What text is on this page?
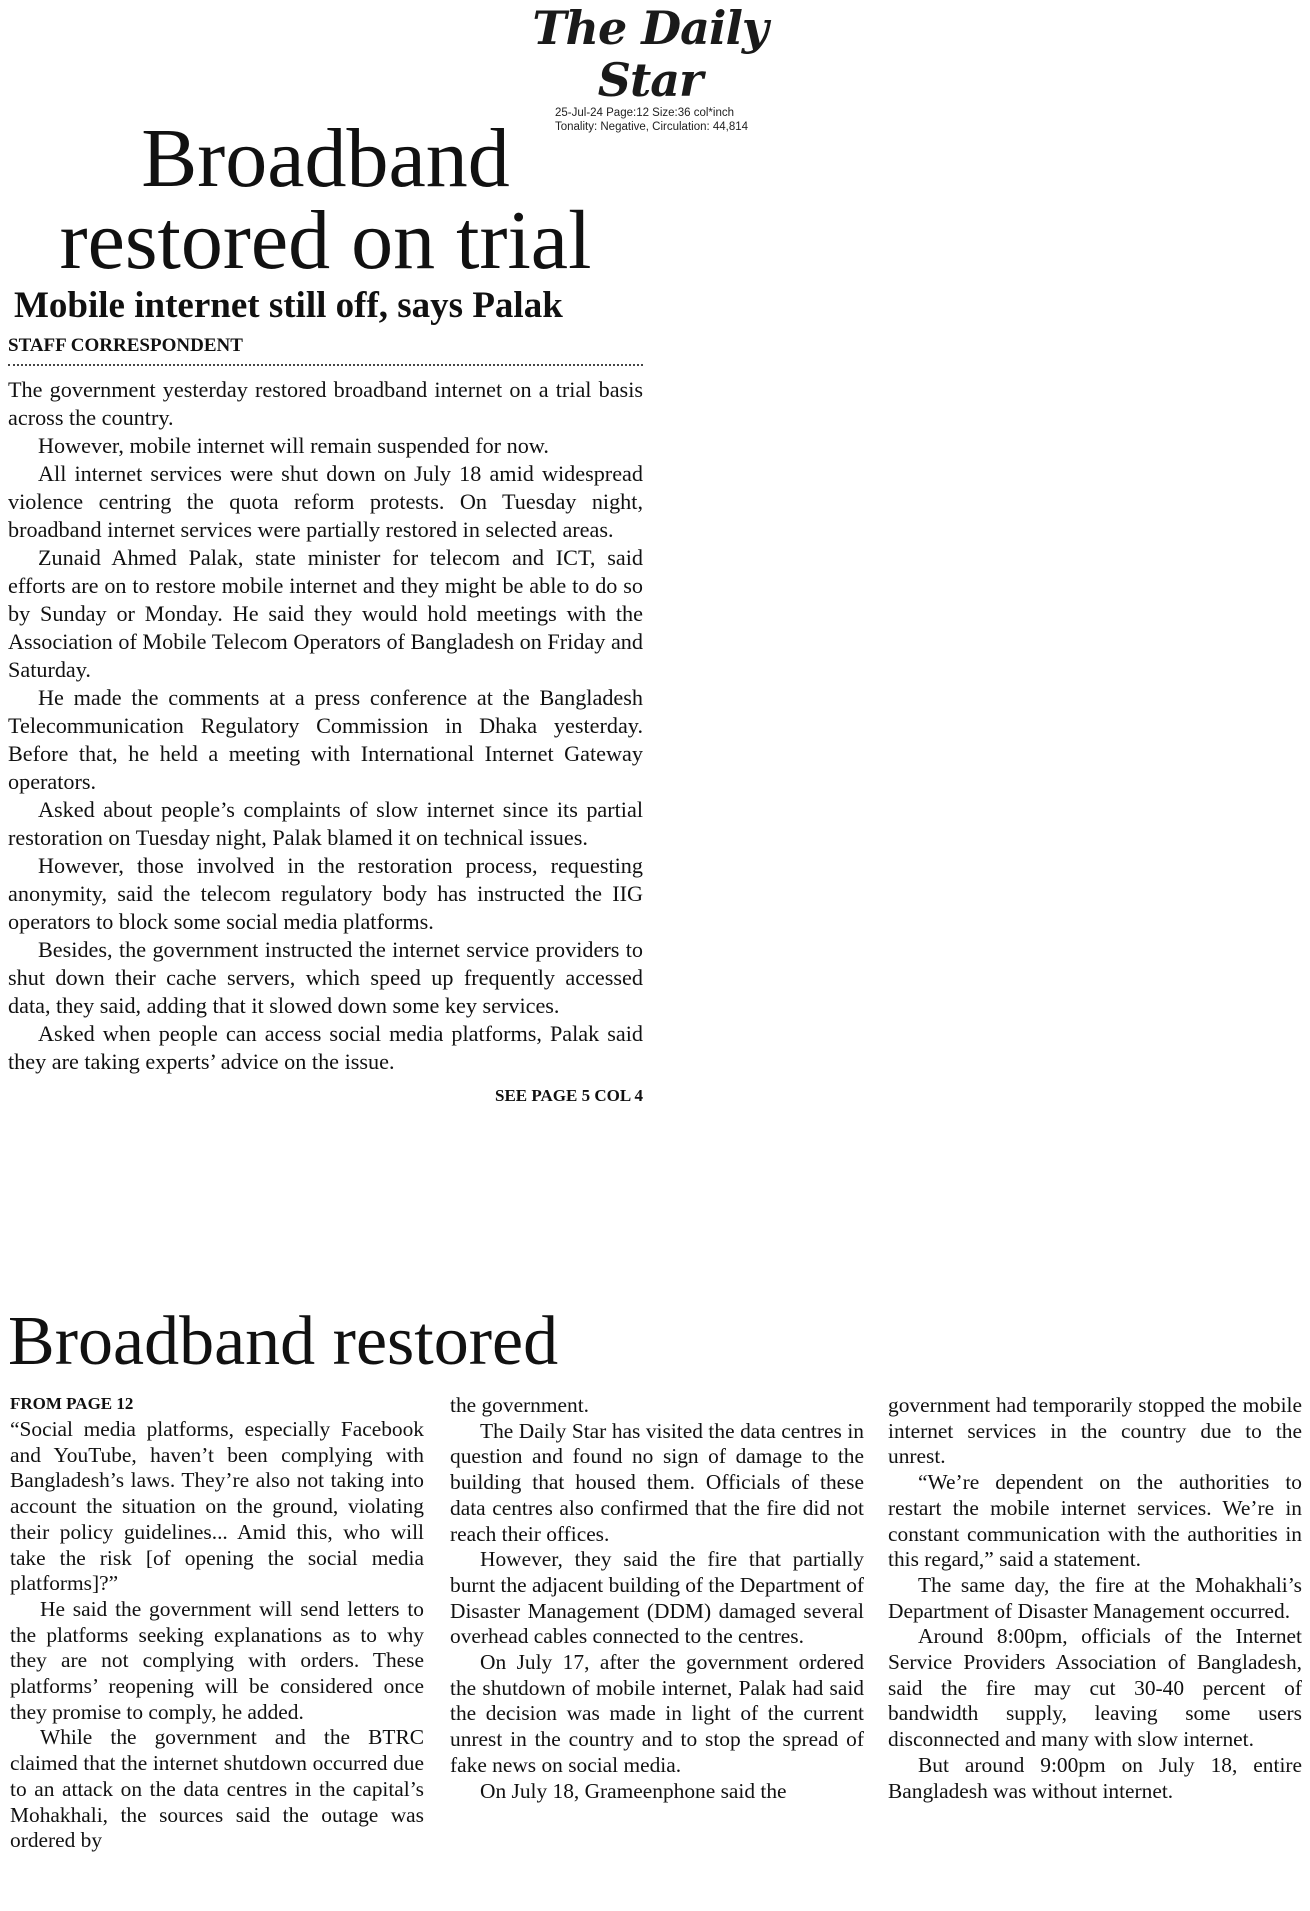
The Daily Star
25-Jul-24 Page:12 Size:36 col*inch
Tonality: Negative, Circulation: 44,814
Broadband
restored on trial
Mobile internet still off, says Palak
STAFF CORRESPONDENT

The government yesterday restored broadband internet on a trial basis across the country.

However, mobile internet will remain suspended for now.

All internet services were shut down on July 18 amid widespread violence centring the quota reform protests. On Tuesday night, broadband internet services were partially restored in selected areas.

Zunaid Ahmed Palak, state minister for telecom and ICT, said efforts are on to restore mobile internet and they might be able to do so by Sunday or Monday. He said they would hold meetings with the Association of Mobile Telecom Operators of Bangladesh on Friday and Saturday.

He made the comments at a press conference at the Bangladesh Telecommunication Regulatory Commission in Dhaka yesterday. Before that, he held a meeting with International Internet Gateway operators.

Asked about people’s complaints of slow internet since its partial restoration on Tuesday night, Palak blamed it on technical issues.

However, those involved in the restoration process, requesting anonymity, said the telecom regulatory body has instructed the IIG operators to block some social media platforms.

Besides, the government instructed the internet service providers to shut down their cache servers, which speed up frequently accessed data, they said, adding that it slowed down some key services.

Asked when people can access social media platforms, Palak said they are taking experts’ advice on the issue.

SEE PAGE 5 COL 4
Broadband restored
FROM PAGE 12

“Social media platforms, especially Facebook and YouTube, haven’t been complying with Bangladesh’s laws. They’re also not taking into account the situation on the ground, violating their policy guidelines... Amid this, who will take the risk [of opening the social media platforms]?”

He said the government will send letters to the platforms seeking explanations as to why they are not complying with orders. These platforms’ reopening will be considered once they promise to comply, he added.

While the government and the BTRC claimed that the internet shutdown occurred due to an attack on the data centres in the capital’s Mohakhali, the sources said the outage was ordered by

the government.

The Daily Star has visited the data centres in question and found no sign of damage to the building that housed them. Officials of these data centres also confirmed that the fire did not reach their offices.

However, they said the fire that partially burnt the adjacent building of the Department of Disaster Management (DDM) damaged several overhead cables connected to the centres.

On July 17, after the government ordered the shutdown of mobile internet, Palak had said the decision was made in light of the current unrest in the country and to stop the spread of fake news on social media.

On July 18, Grameenphone said the

government had temporarily stopped the mobile internet services in the country due to the unrest.

“We’re dependent on the authorities to restart the mobile internet services. We’re in constant communication with the authorities in this regard,” said a statement.

The same day, the fire at the Mohakhali’s Department of Disaster Management occurred.

Around 8:00pm, officials of the Internet Service Providers Association of Bangladesh, said the fire may cut 30-40 percent of bandwidth supply, leaving some users disconnected and many with slow internet.

But around 9:00pm on July 18, entire Bangladesh was without internet.
